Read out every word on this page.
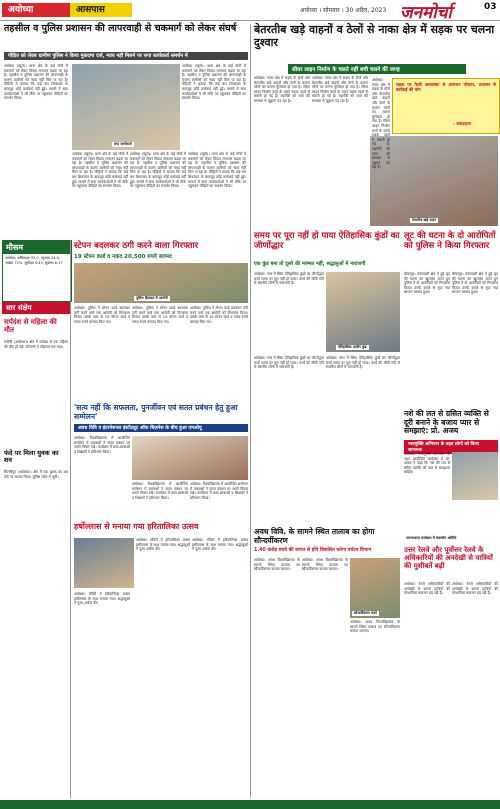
अयोध्या	आसपास	अयोध्या । सोमवार । 30 अप्रैल, 2023 जनमोर्चा	03
तहसील व पुलिस प्रशासन की लापरवाही से चकमार्ग को लेकर संघर्ष
पीड़ित को लेकर ग्रामीण पुलिस ने किया मुकदमा दर्ज, न्याय नहीं मिलने पर सपा कार्यकर्ता समर्थन में
अयोध्या (ब्यूरो)। थाना क्षेत्र के कई गाँवों में चकमार्ग को लेकर विवाद लगातार बढ़ता जा रहा है। तहसील व पुलिस प्रशासन की लापरवाही के कारण ग्रामीणों को न्याय नहीं मिल पा रहा है। पीड़ितों ने बताया कि कई बार शिकायत के बावजूद कोई कार्रवाई नहीं हुई। मामले में सपा कार्यकर्ताओं ने भी मौके पर पहुंचकर पीड़ितों का समर्थन किया।
सपा कार्यकर्ता
अयोध्या (ब्यूरो)। थाना क्षेत्र के कई गाँवों में चकमार्ग को लेकर विवाद लगातार बढ़ता जा रहा है। तहसील व पुलिस प्रशासन की लापरवाही के कारण ग्रामीणों को न्याय नहीं मिल पा रहा है। पीड़ितों ने बताया कि कई बार शिकायत के बावजूद कोई कार्रवाई नहीं हुई। मामले में सपा कार्यकर्ताओं ने भी मौके पर पहुंचकर पीड़ितों का समर्थन किया।
अयोध्या (ब्यूरो)। थाना क्षेत्र के कई गाँवों में चकमार्ग को लेकर विवाद लगातार बढ़ता जा रहा है। तहसील व पुलिस प्रशासन की लापरवाही के कारण ग्रामीणों को न्याय नहीं मिल पा रहा है। पीड़ितों ने बताया कि कई बार शिकायत के बावजूद कोई कार्रवाई नहीं हुई। मामले में सपा कार्यकर्ताओं ने भी मौके पर पहुंचकर पीड़ितों का समर्थन किया।
अयोध्या (ब्यूरो)। थाना क्षेत्र के कई गाँवों में चकमार्ग को लेकर विवाद लगातार बढ़ता जा रहा है। तहसील व पुलिस प्रशासन की लापरवाही के कारण ग्रामीणों को न्याय नहीं मिल पा रहा है। पीड़ितों ने बताया कि कई बार शिकायत के बावजूद कोई कार्रवाई नहीं हुई। मामले में सपा कार्यकर्ताओं ने भी मौके पर पहुंचकर पीड़ितों का समर्थन किया।
अयोध्या (ब्यूरो)। थाना क्षेत्र के कई गाँवों में चकमार्ग को लेकर विवाद लगातार बढ़ता जा रहा है। तहसील व पुलिस प्रशासन की लापरवाही के कारण ग्रामीणों को न्याय नहीं मिल पा रहा है। पीड़ितों ने बताया कि कई बार शिकायत के बावजूद कोई कार्रवाई नहीं हुई। मामले में सपा कार्यकर्ताओं ने भी मौके पर पहुंचकर पीड़ितों का समर्थन किया।
मौसम
अयोध्या: अधिकतम 33.0, न्यूनतम 24.0; आर्द्रता 72%; सूर्योदय 5:43, सूर्यास्त 6:17
सार संक्षेप
सर्पदंश से महिला की मौत
रुदौली (अयोध्या)। क्षेत्र में सर्पदंश से एक महिला की मौत हो गई। परिजनों में कोहराम मच गया।
फंदे पर मिला युवक का शव
मिल्कीपुर (अयोध्या)। क्षेत्र में एक युवक का शव फंदे पर लटका मिला। पुलिस जांच में जुटी।
स्टेपन बदलकर ठगी करने वाला गिरफ्तार
19 स्टेपन कार्ड व नकद 20,500 रुपये बरामद
पुलिस हिरासत में आरोपी
अयोध्या। पुलिस ने स्टेपन कार्ड बदलकर ठगी करने वाले एक आरोपी को गिरफ्तार किया। उसके पास से 19 स्टेपन कार्ड व नकद रुपये बरामद किए गए।
अयोध्या। पुलिस ने स्टेपन कार्ड बदलकर ठगी करने वाले एक आरोपी को गिरफ्तार किया। उसके पास से 19 स्टेपन कार्ड व नकद रुपये बरामद किए गए।
अयोध्या। पुलिस ने स्टेपन कार्ड बदलकर ठगी करने वाले एक आरोपी को गिरफ्तार किया। उसके पास से 19 स्टेपन कार्ड व नकद रुपये बरामद किए गए।
'सत्य नहीं कि सफलता, पुनर्जीवन एवं सतत प्रबंधन हेतु हुआ सम्मेलन'
अवध विवि व इंटरनेशनल इंस्टीट्यूट ऑफ बिज़नेस के बीच हुआ एमओयू
अयोध्या। विश्वविद्यालय में आयोजित सम्मेलन में वक्ताओं ने सतत प्रबंधन पर अपने विचार रखे। कार्यक्रम में छात्र-छात्राओं व शिक्षकों ने प्रतिभाग किया।
अयोध्या। विश्वविद्यालय में आयोजित सम्मेलन में वक्ताओं ने सतत प्रबंधन पर अपने विचार रखे। कार्यक्रम में छात्र-छात्राओं व शिक्षकों ने प्रतिभाग किया।
अयोध्या। विश्वविद्यालय में आयोजित सम्मेलन में वक्ताओं ने सतत प्रबंधन पर अपने विचार रखे। कार्यक्रम में छात्र-छात्राओं व शिक्षकों ने प्रतिभाग किया।
हर्षोल्लास से मनाया गया हरितालिका उत्सव
अयोध्या। मंदिरों में हरितालिका उत्सव हर्षोल्लास के साथ मनाया गया। श्रद्धालुओं ने पूजा-अर्चना की।
अयोध्या। मंदिरों में हरितालिका उत्सव हर्षोल्लास के साथ मनाया गया। श्रद्धालुओं ने पूजा-अर्चना की।
अयोध्या। मंदिरों में हरितालिका उत्सव हर्षोल्लास के साथ मनाया गया। श्रद्धालुओं ने पूजा-अर्चना की।
बेतरतीब खड़े वाहनों व ठेलों से नाका क्षेत्र में सड़क पर चलना दुश्वार
सीवर लाइन निर्माण के चलते नहीं बची चलने की जगह
अयोध्या। नाका क्षेत्र में सड़क के दोनों ओर बेतरतीब खड़े वाहनों और ठेलों के कारण लोगों का चलना मुश्किल हो गया है। सीवर लाइन निर्माण कार्य के चलते सड़क पहले से संकरी हो गई है। राहगीरों को जाम की समस्या से जूझना पड़ रहा है।
अयोध्या। नाका क्षेत्र में सड़क के दोनों ओर बेतरतीब खड़े वाहनों और ठेलों के कारण लोगों का चलना मुश्किल हो गया है। सीवर लाइन निर्माण कार्य के चलते सड़क पहले से संकरी हो गई है। राहगीरों को जाम की समस्या से जूझना पड़ रहा है।
बेतरतीब खड़े वाहन
सड़क पर फैली अव्यवस्था से आमजन परेशान, प्रशासन से कार्रवाई की मांग
- संवाददाता
अयोध्या। नाका क्षेत्र में सड़क के दोनों ओर बेतरतीब खड़े वाहनों और ठेलों के कारण लोगों का चलना मुश्किल हो गया है। सीवर लाइन निर्माण कार्य के चलते सड़क पहले से संकरी हो गई है। राहगीरों को जाम की समस्या से जूझना पड़ रहा है।
समय पर पूरा नहीं हो पाया ऐतिहासिक कुंडों का जीर्णोद्धार
एक कुंड बना तो दूसरे की मरम्मत नहीं, श्रद्धालुओं में नाराजगी
अयोध्या। नगर में स्थित ऐतिहासिक कुंडों का जीर्णोद्धार कार्य समय पर पूरा नहीं हो पाया। कार्य की धीमी गति से स्थानीय लोगों में नाराजगी है।
ऐतिहासिक प्राचीन कुंड
अयोध्या। नगर में स्थित ऐतिहासिक कुंडों का जीर्णोद्धार कार्य समय पर पूरा नहीं हो पाया। कार्य की धीमी गति से स्थानीय लोगों में नाराजगी है।
अयोध्या। नगर में स्थित ऐतिहासिक कुंडों का जीर्णोद्धार कार्य समय पर पूरा नहीं हो पाया। कार्य की धीमी गति से स्थानीय लोगों में नाराजगी है।
लूट की घटना के दो आरोपितों को पुलिस ने किया गिरफ्तार
बीकापुर। कोतवाली क्षेत्र में हुई लूट की घटना का खुलासा करते हुए पुलिस ने दो आरोपितों को गिरफ्तार किया। उनके कब्जे से लूटा गया सामान बरामद हुआ।
बीकापुर। कोतवाली क्षेत्र में हुई लूट की घटना का खुलासा करते हुए पुलिस ने दो आरोपितों को गिरफ्तार किया। उनके कब्जे से लूटा गया सामान बरामद हुआ।
नशे की लत से ग्रसित व्यक्ति से दूरी बनाने के बजाय प्यार से समझाएं: प्रो. अजय
नशामुक्ति अभियान के तहत लोगों को किया जागरूक
अयोध्या। नशामुक्ति अभियान के तहत आयोजित कार्यक्रम में प्रो. अजय ने कहा कि नशे की लत से ग्रसित व्यक्ति को प्यार से समझाना चाहिए।
जागरूकता कार्यक्रम में मंचासीन अतिथि
अवध विवि. के सामने स्थित तालाब का होगा सौन्दर्यीकरण
1.40 करोड़ रुपये की लागत से होंगे विकसित करेगा पर्यटन विभाग
अयोध्या। अवध विश्वविद्यालय के सामने स्थित तालाब का सौन्दर्यीकरण कराया जाएगा।
अयोध्या। अवध विश्वविद्यालय के सामने स्थित तालाब का सौन्दर्यीकरण कराया जाएगा।
सौन्दर्यीकरण कार्य
अयोध्या। अवध विश्वविद्यालय के सामने स्थित तालाब का सौन्दर्यीकरण कराया जाएगा।
उत्तर रेलवे और पूर्वोत्तर रेलवे के अधिकारियों की अनदेखी से यात्रियों की मुसीबतें बढ़ी
अयोध्या। रेलवे अधिकारियों की अनदेखी के कारण यात्रियों की परेशानियां लगातार बढ़ रही हैं।
अयोध्या। रेलवे अधिकारियों की अनदेखी के कारण यात्रियों की परेशानियां लगातार बढ़ रही हैं।
